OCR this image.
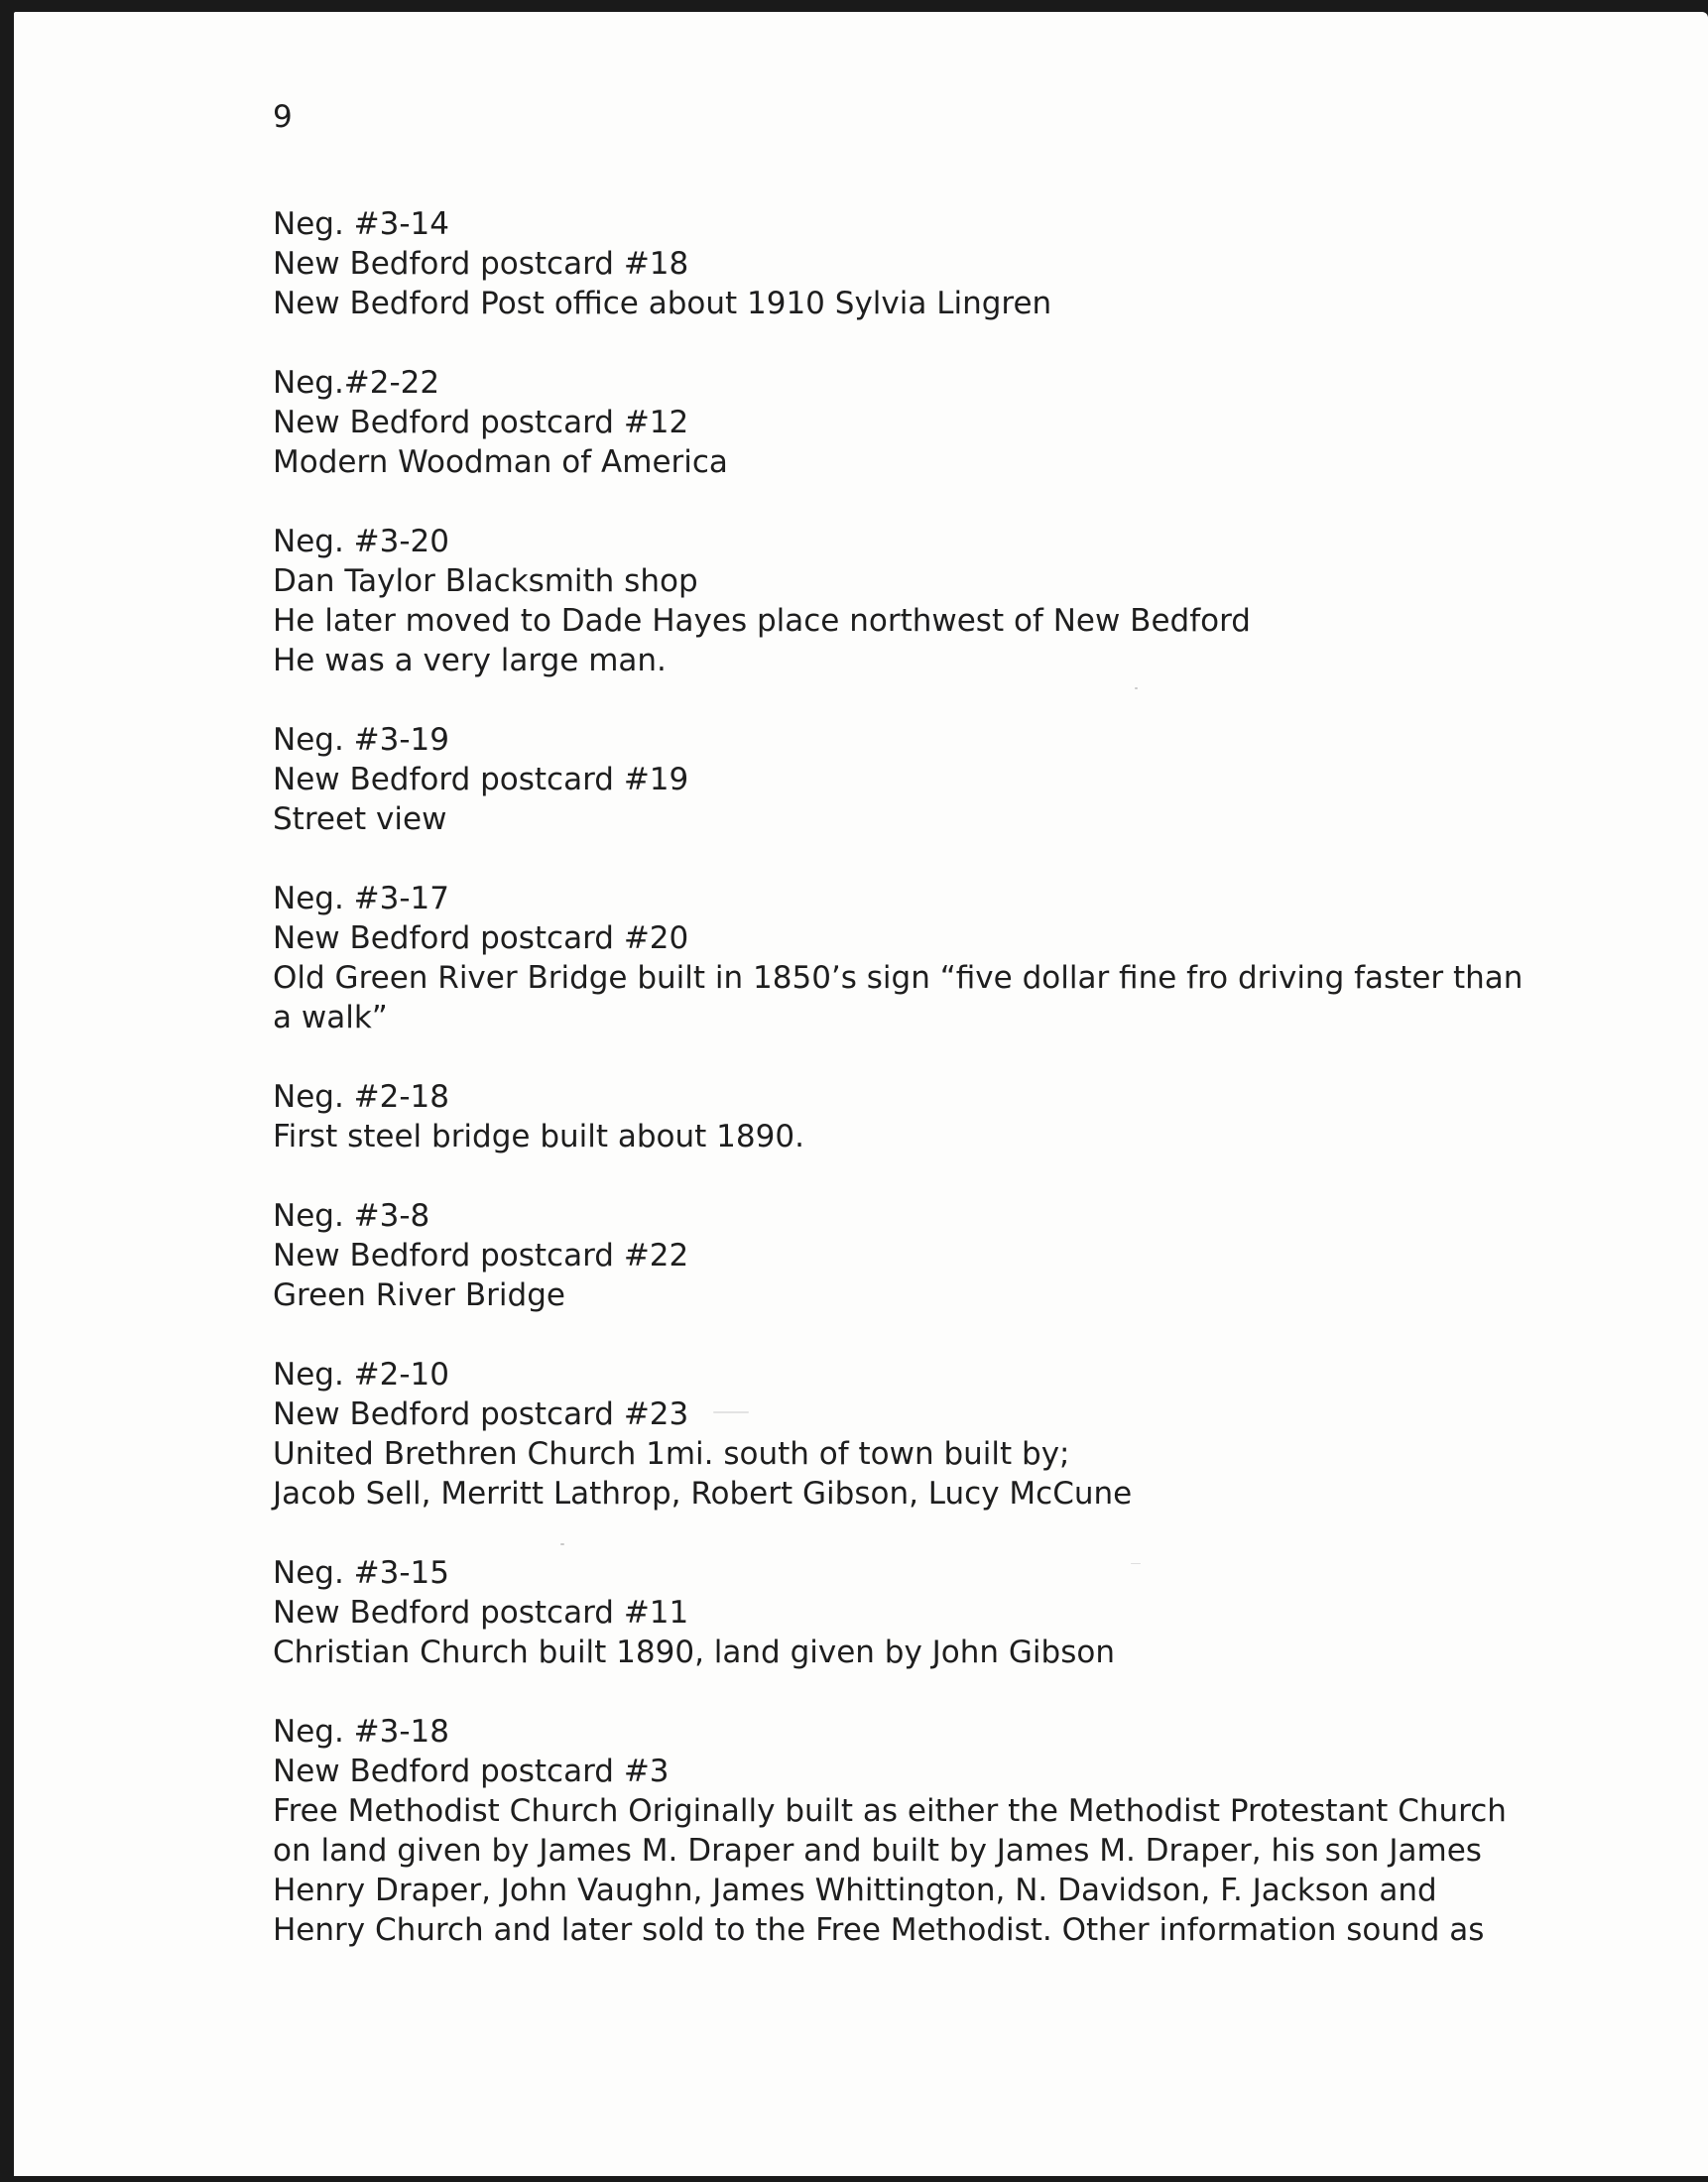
9

Neg. #3-14
New Bedford postcard #18
New Bedford Post office about 1910 Sylvia Lingren

Neg.#2-22
New Bedford postcard #12
Modern Woodman of America

Neg. #3-20
Dan Taylor Blacksmith shop
He later moved to Dade Hayes place northwest of New Bedford
He was a very large man.

Neg. #3-19
New Bedford postcard #19
Street view

Neg. #3-17
New Bedford postcard #20
Old Green River Bridge built in 1850’s sign “five dollar fine fro driving faster than
a walk”

Neg. #2-18
First steel bridge built about 1890.

Neg. #3-8
New Bedford postcard #22
Green River Bridge

Neg. #2-10
New Bedford postcard #23
United Brethren Church 1mi. south of town built by;
Jacob Sell, Merritt Lathrop, Robert Gibson, Lucy McCune

Neg. #3-15
New Bedford postcard #11
Christian Church built 1890, land given by John Gibson

Neg. #3-18
New Bedford postcard #3
Free Methodist Church Originally built as either the Methodist Protestant Church
on land given by James M. Draper and built by James M. Draper, his son James
Henry Draper, John Vaughn, James Whittington, N. Davidson, F. Jackson and
Henry Church and later sold to the Free Methodist. Other information sound as
